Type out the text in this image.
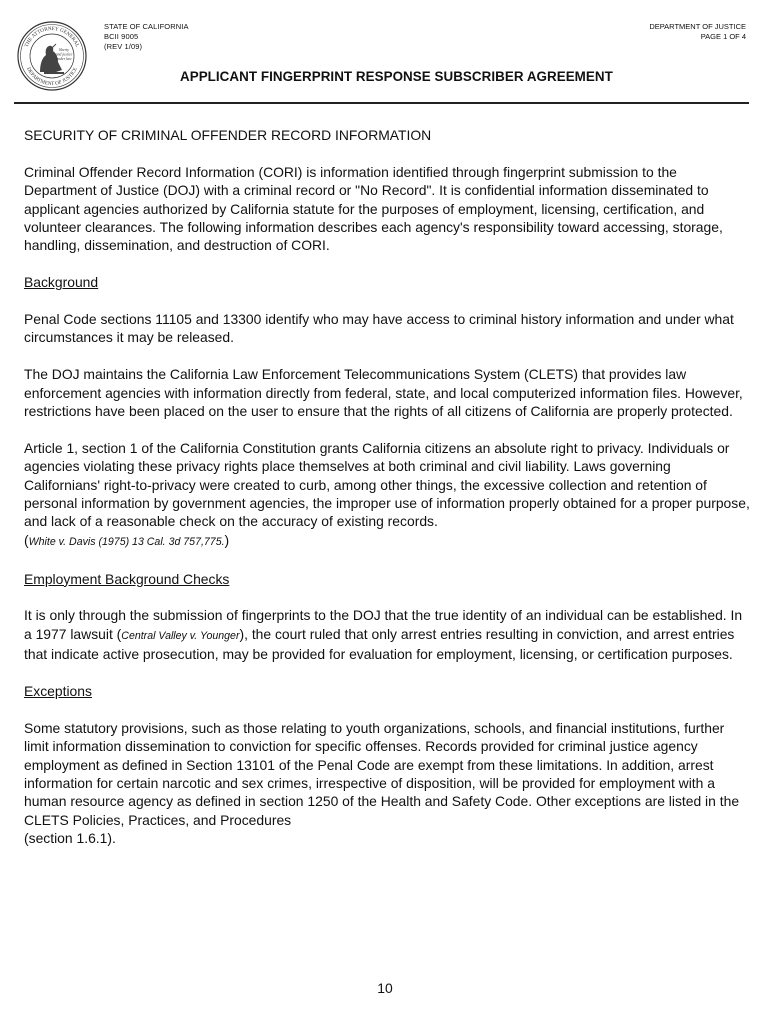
THE ATTORNEY GENERAL
DEPARTMENT OF JUSTICE
liberty
and justice
under law
STATE OF CALIFORNIA
BCII 9005
(REV 1/09)
DEPARTMENT OF JUSTICE
PAGE 1 OF 4
APPLICANT FINGERPRINT RESPONSE SUBSCRIBER AGREEMENT

SECURITY OF CRIMINAL OFFENDER RECORD INFORMATION

Criminal Offender Record Information (CORI) is information identified through fingerprint submission to the Department of Justice (DOJ) with a criminal record or "No Record". It is confidential information disseminated to applicant agencies authorized by California statute for the purposes of employment, licensing, certification, and volunteer clearances. The following information describes each agency's responsibility toward accessing, storage, handling, dissemination, and destruction of CORI.

Background

Penal Code sections 11105 and 13300 identify who may have access to criminal history information and under what circumstances it may be released.

The DOJ maintains the California Law Enforcement Telecommunications System (CLETS) that provides law enforcement agencies with information directly from federal, state, and local computerized information files. However, restrictions have been placed on the user to ensure that the rights of all citizens of California are properly protected.

Article 1, section 1 of the California Constitution grants California citizens an absolute right to privacy. Individuals or agencies violating these privacy rights place themselves at both criminal and civil liability. Laws governing Californians' right-to-privacy were created to curb, among other things, the excessive collection and retention of personal information by government agencies, the improper use of information properly obtained for a proper purpose, and lack of a reasonable check on the accuracy of existing records.
(White v. Davis (1975) 13 Cal. 3d 757,775.)

Employment Background Checks

It is only through the submission of fingerprints to the DOJ that the true identity of an individual can be established. In a 1977 lawsuit (Central Valley v. Younger), the court ruled that only arrest entries resulting in conviction, and arrest entries that indicate active prosecution, may be provided for evaluation for employment, licensing, or certification purposes.

Exceptions

Some statutory provisions, such as those relating to youth organizations, schools, and financial institutions, further limit information dissemination to conviction for specific offenses. Records provided for criminal justice agency employment as defined in Section 13101 of the Penal Code are exempt from these limitations. In addition, arrest information for certain narcotic and sex crimes, irrespective of disposition, will be provided for employment with a human resource agency as defined in section 1250 of the Health and Safety Code. Other exceptions are listed in the CLETS Policies, Practices, and Procedures
(section 1.6.1).

10
